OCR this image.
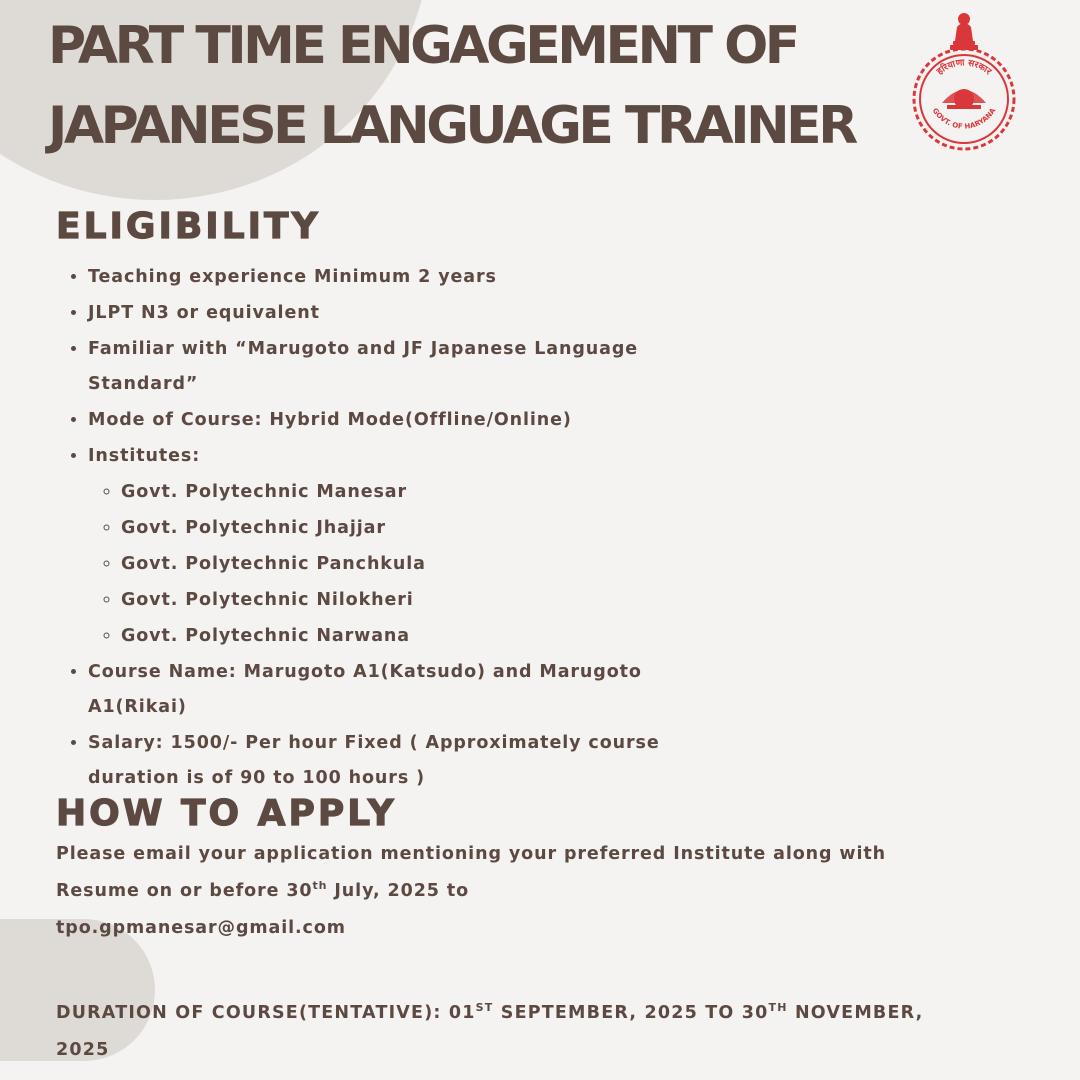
PART TIME ENGAGEMENT OF
JAPANESE LANGUAGE TRAINER
हरियाणा सरकार
GOVT. OF HARYANA
ELIGIBILITY
• Teaching experience Minimum 2 years
• JLPT N3 or equivalent
• Familiar with “Marugoto and JF Japanese Language Standard”
• Mode of Course: Hybrid Mode(Offline/Online)
• Institutes:
◦ Govt. Polytechnic Manesar
◦ Govt. Polytechnic Jhajjar
◦ Govt. Polytechnic Panchkula
◦ Govt. Polytechnic Nilokheri
◦ Govt. Polytechnic Narwana
• Course Name: Marugoto A1(Katsudo) and Marugoto A1(Rikai)
• Salary: 1500/- Per hour Fixed ( Approximately course duration is of 90 to 100 hours )
HOW TO APPLY

Please email your application mentioning your preferred Institute along with Resume on or before 30th July, 2025 to
tpo.gpmanesar@gmail.com

DURATION OF COURSE(TENTATIVE): 01ST SEPTEMBER, 2025 TO 30TH NOVEMBER, 2025
